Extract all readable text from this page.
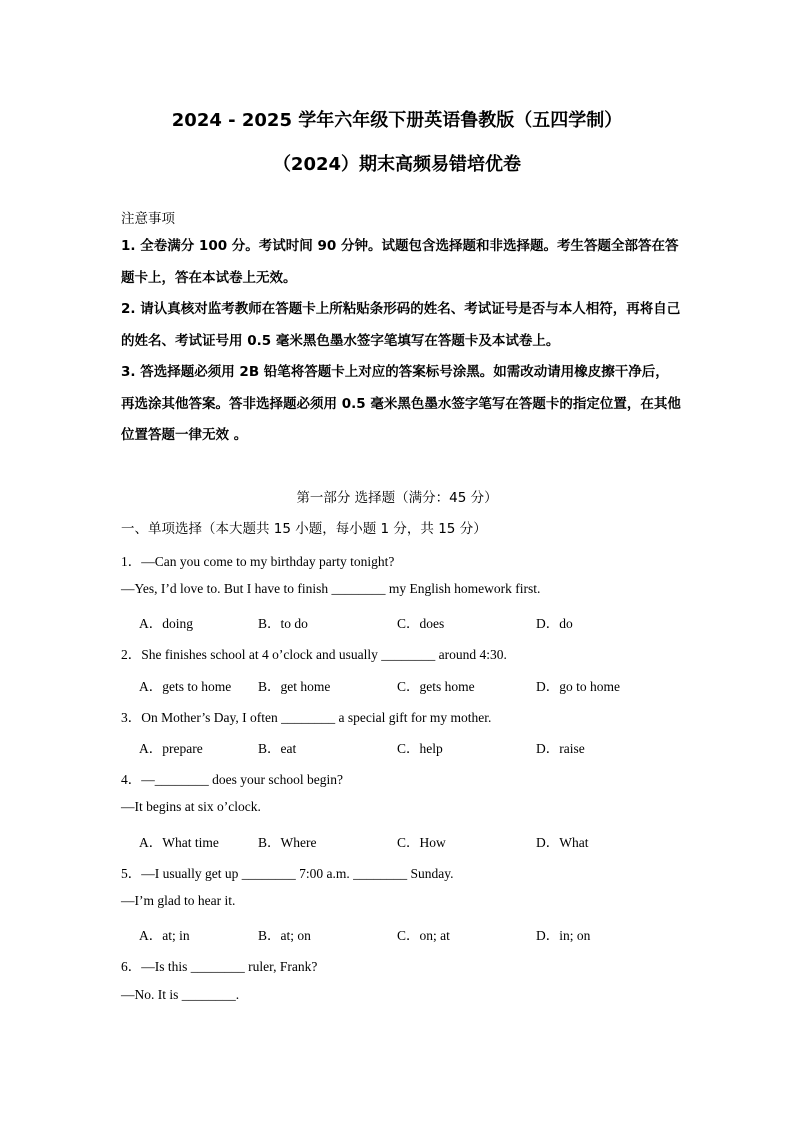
2024 - 2025 学年六年级下册英语鲁教版（五四学制）
（2024）期末高频易错培优卷
注意事项
1. 全卷满分 100 分。考试时间 90 分钟。试题包含选择题和非选择题。考生答题全部答在答题卡上，答在本试卷上无效。
2. 请认真核对监考教师在答题卡上所粘贴条形码的姓名、考试证号是否与本人相符，再将自己的姓名、考试证号用 0.5 毫米黑色墨水签字笔填写在答题卡及本试卷上。
3. 答选择题必须用 2B 铅笔将答题卡上对应的答案标号涂黑。如需改动请用橡皮擦干净后，再选涂其他答案。答非选择题必须用 0.5 毫米黑色墨水签字笔写在答题卡的指定位置，在其他位置答题一律无效 。
第一部分 选择题（满分：45 分）
一、单项选择（本大题共 15 小题，每小题 1 分，共 15 分）
1．—Can you come to my birthday party tonight?
—Yes, I’d love to. But I have to finish ________ my English homework first.
A．doing	B．to do	C．does	D．do
2．She finishes school at 4 o’clock and usually ________ around 4:30.
A．gets to home B．get home	C．gets home	D．go to home
3．On Mother’s Day, I often ________ a special gift for my mother.
A．prepare	B．eat	C．help	D．raise
4．—________ does your school begin?
—It begins at six o’clock.
A．What time	B．Where	C．How	D．What
5．—I usually get up ________ 7:00 a.m. ________ Sunday.
—I’m glad to hear it.
A．at; in	B．at; on	C．on; at	D．in; on
6．—Is this ________ ruler, Frank?
—No. It is ________.
